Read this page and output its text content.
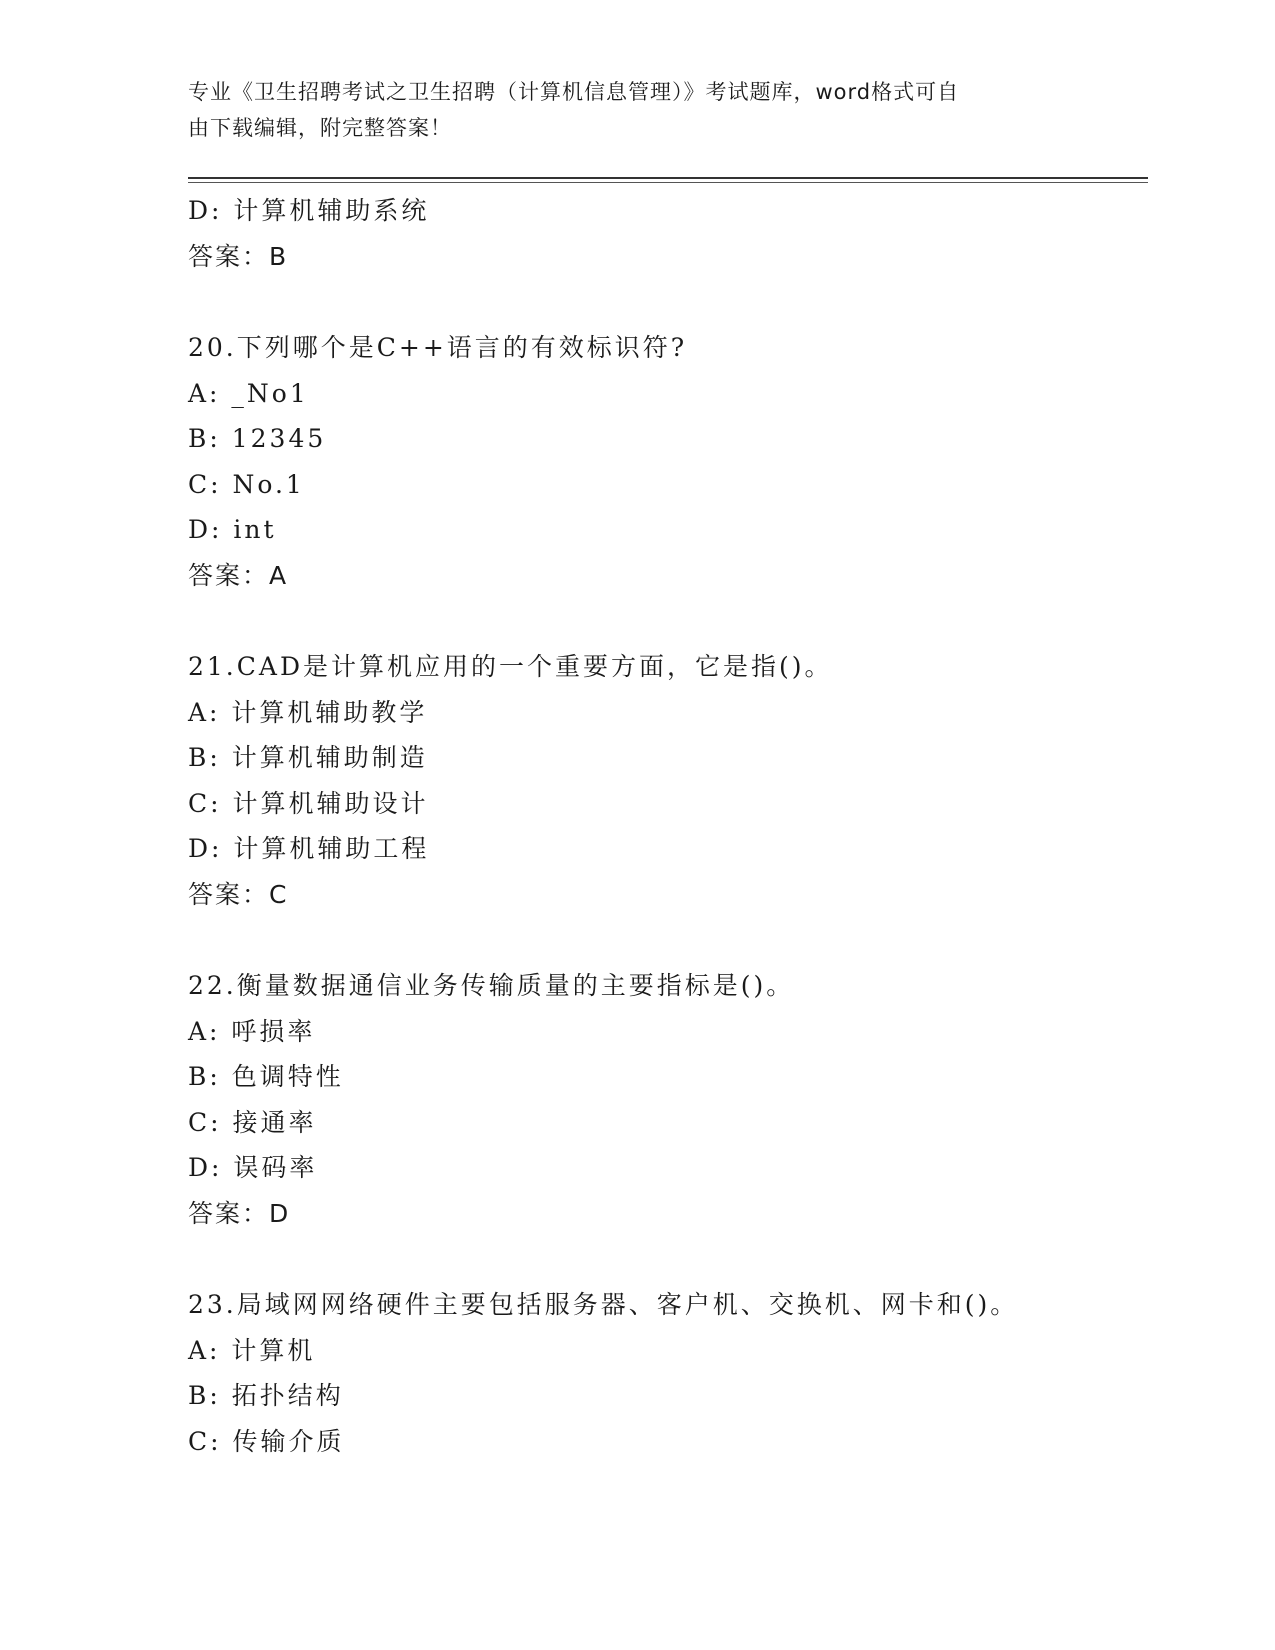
专业《卫生招聘考试之卫生招聘（计算机信息管理）》考试题库，word格式可自
由下载编辑，附完整答案！
D: 计算机辅助系统
答案：B
20.下列哪个是C++语言的有效标识符?
A: _No1
B: 12345
C: No.1
D: int
答案：A
21.CAD是计算机应用的一个重要方面，它是指()。
A: 计算机辅助教学
B: 计算机辅助制造
C: 计算机辅助设计
D: 计算机辅助工程
答案：C
22.衡量数据通信业务传输质量的主要指标是()。
A: 呼损率
B: 色调特性
C: 接通率
D: 误码率
答案：D
23.局域网网络硬件主要包括服务器、客户机、交换机、网卡和()。
A: 计算机
B: 拓扑结构
C: 传输介质
